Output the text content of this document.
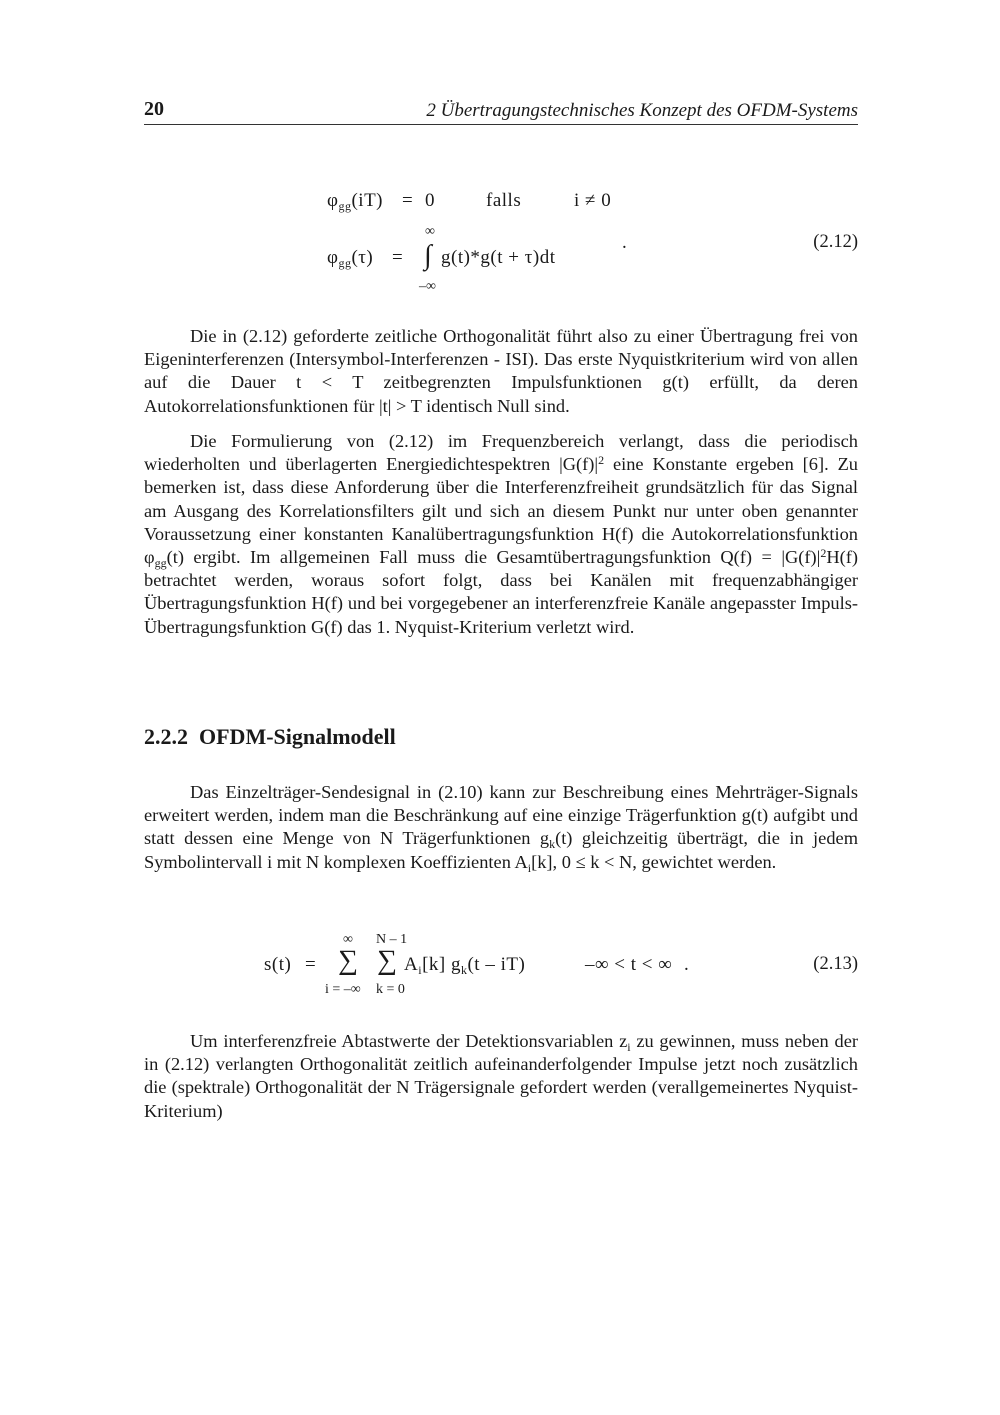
20	2 Übertragungstechnisches Konzept des OFDM-Systems
$\varphi_{gg}(iT) = 0$	falls	i ≠ 0
∞
$\varphi_{gg}(\tau)$ = ∫ g(t)*g(t + τ)dt
.	(2.12)
–∞

Die in (2.12) geforderte zeitliche Orthogonalität führt also zu einer Übertragung frei von Eigeninterferenzen (Intersymbol-Interferenzen - ISI). Das erste Nyquistkriterium wird von allen auf die Dauer t < T zeitbegrenzten Impulsfunktionen g(t) erfüllt, da deren Autokorrelationsfunktionen für |t| > T identisch Null sind.

Die Formulierung von (2.12) im Frequenzbereich verlangt, dass die periodisch wiederholten und überlagerten Energiedichtespektren $|G(f)|^2$ eine Konstante ergeben [6]. Zu bemerken ist, dass diese Anforderung über die Interferenzfreiheit grundsätzlich für das Signal am Ausgang des Korrelationsfilters gilt und sich an diesem Punkt nur unter oben genannter Voraussetzung einer konstanten Kanalübertragungsfunktion H(f) die Autokorrelationsfunktion $\varphi_{gg}(t)$ ergibt. Im allgemeinen Fall muss die Gesamtübertragungsfunktion $Q(f) = |G(f)|^2H(f)$ betrachtet werden, woraus sofort folgt, dass bei Kanälen mit frequenzabhängiger Übertragungsfunktion H(f) und bei vorgegebener an interferenzfreie Kanäle angepasster Impuls-Übertragungsfunktion G(f) das 1. Nyquist-Kriterium verletzt wird.

2.2.2 OFDM-Signalmodell

Das Einzelträger-Sendesignal in (2.10) kann zur Beschreibung eines Mehrträger-Signals erweitert werden, indem man die Beschränkung auf eine einzige Trägerfunktion g(t) aufgibt und statt dessen eine Menge von N Trägerfunktionen $g_k(t)$ gleichzeitig überträgt, die in jedem Symbolintervall i mit N komplexen Koeffizienten $A_i[k]$, 0 ≤ k < N, gewichtet werden.

∞ N – 1
s(t) = ∑ ∑ $A_i[k]$ $g_k(t - iT)$	–∞ < t < ∞ .	(2.13)
i = –∞ k = 0

Um interferenzfreie Abtastwerte der Detektionsvariablen $z_i$ zu gewinnen, muss neben der in (2.12) verlangten Orthogonalität zeitlich aufeinanderfolgender Impulse jetzt noch zusätzlich die (spektrale) Orthogonalität der N Trägersignale gefordert werden (verallgemeinertes Nyquist-Kriterium)
